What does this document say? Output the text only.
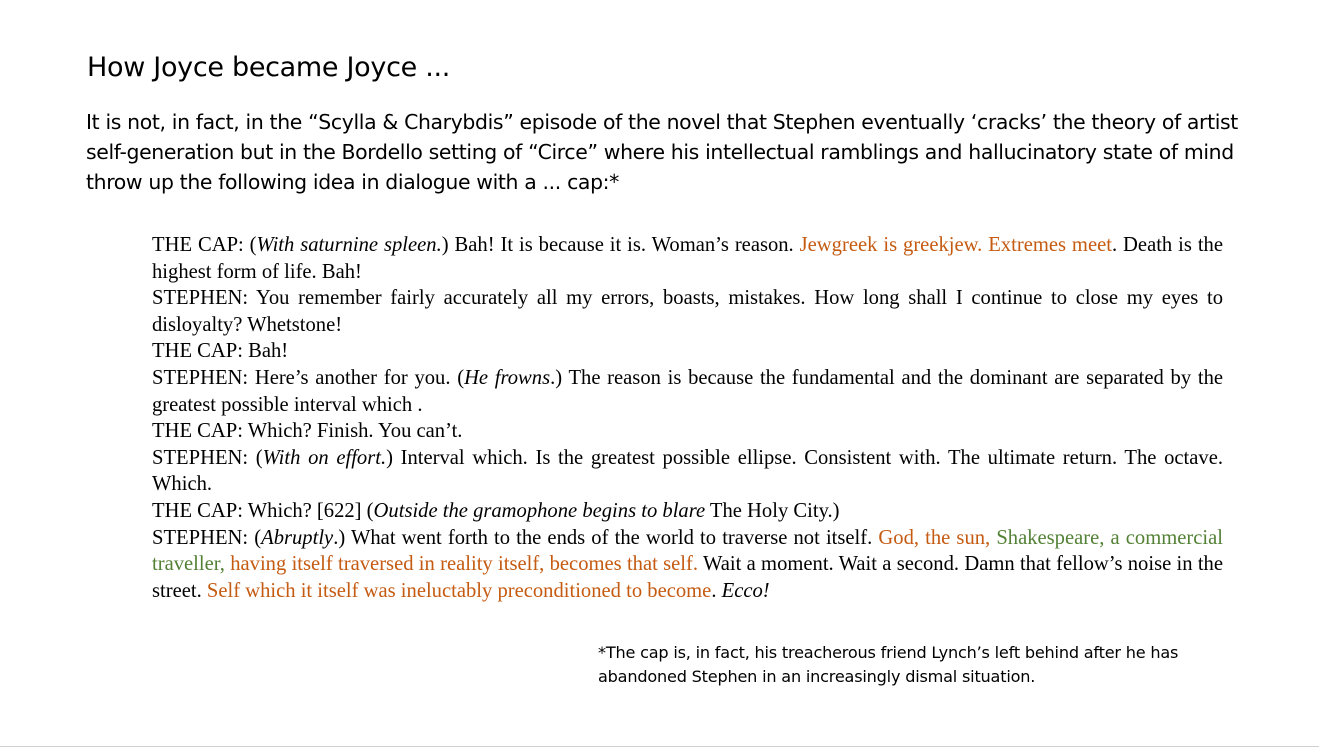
How Joyce became Joyce ...
It is not, in fact, in the “Scylla & Charybdis” episode of the novel that Stephen eventually ‘cracks’ the theory of artist self-generation but in the Bordello setting of “Circe” where his intellectual ramblings and hallucinatory state of mind throw up the following idea in dialogue with a ... cap:*

THE CAP: (With saturnine spleen.) Bah! It is because it is. Woman’s reason. Jewgreek is greekjew. Extremes meet. Death is the highest form of life. Bah!

STEPHEN: You remember fairly accurately all my errors, boasts, mistakes. How long shall I continue to close my eyes to disloyalty? Whetstone!

THE CAP: Bah!

STEPHEN: Here’s another for you. (He frowns.) The reason is because the fundamental and the dominant are separated by the greatest possible interval which .

THE CAP: Which? Finish. You can’t.

STEPHEN: (With on effort.) Interval which. Is the greatest possible ellipse. Consistent with. The ultimate return. The octave. Which.

THE CAP: Which? [622] (Outside the gramophone begins to blare The Holy City.)

STEPHEN: (Abruptly.) What went forth to the ends of the world to traverse not itself. God, the sun, Shakespeare, a commercial traveller, having itself traversed in reality itself, becomes that self. Wait a moment. Wait a second. Damn that fellow’s noise in the street. Self which it itself was ineluctably preconditioned to become. Ecco!

*The cap is, in fact, his treacherous friend Lynch’s left behind after he has abandoned Stephen in an increasingly dismal situation.
